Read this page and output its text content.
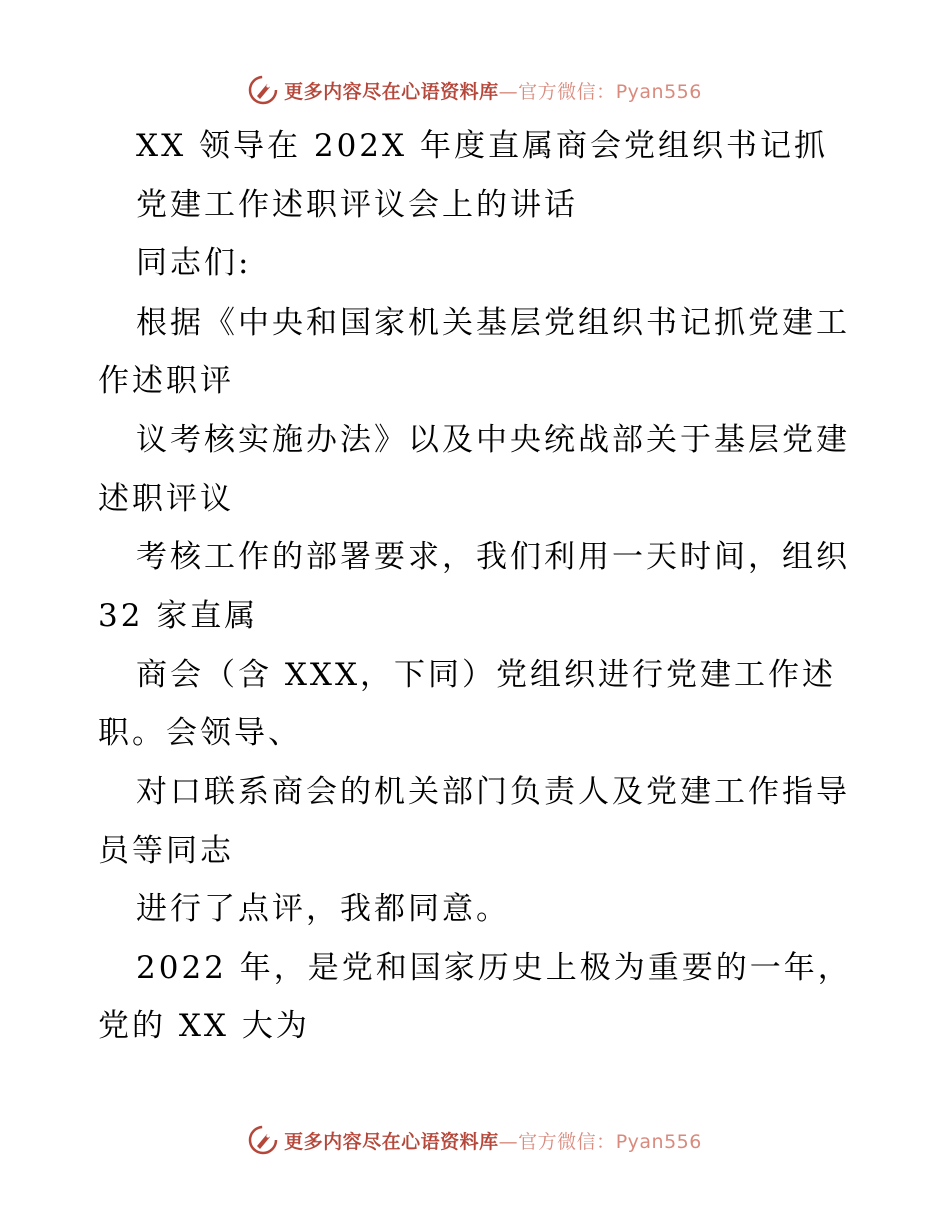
更多内容尽在心语资料库—官方微信：Pyan556
XX 领导在 202X 年度直属商会党组织书记抓
党建工作述职评议会上的讲话
同志们:
根据《中央和国家机关基层党组织书记抓党建工
作述职评
议考核实施办法》以及中央统战部关于基层党建
述职评议
考核工作的部署要求，我们利用一天时间，组织
32 家直属
商会（含 XXX，下同）党组织进行党建工作述
职。会领导、
对口联系商会的机关部门负责人及党建工作指导
员等同志
进行了点评，我都同意。
2022 年，是党和国家历史上极为重要的一年，
党的 XX 大为
更多内容尽在心语资料库—官方微信：Pyan556
